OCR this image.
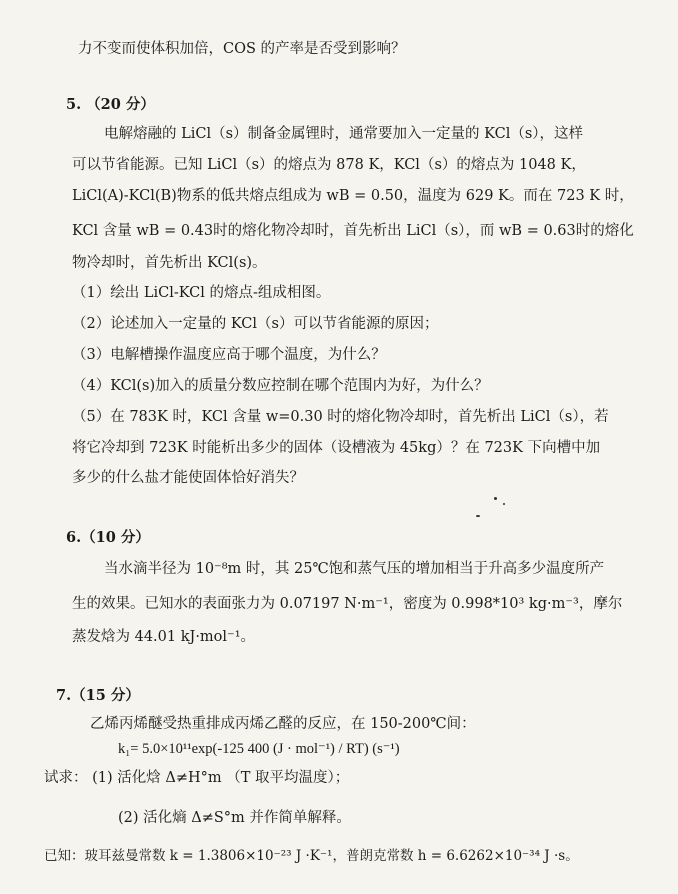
力不变而使体积加倍，COS 的产率是否受到影响？
5. （20 分）
电解熔融的 LiCl（s）制备金属锂时，通常要加入一定量的 KCl（s），这样
可以节省能源。已知 LiCl（s）的熔点为 878 K，KCl（s）的熔点为 1048 K，
LiCl(A)-KCl(B)物系的低共熔点组成为 wB = 0.50，温度为 629 K。而在 723 K 时，
KCl 含量 wB = 0.43时的熔化物冷却时，首先析出 LiCl（s），而 wB = 0.63时的熔化
物冷却时，首先析出 KCl(s)。
（1）绘出 LiCl-KCl 的熔点-组成相图。
（2）论述加入一定量的 KCl（s）可以节省能源的原因；
（3）电解槽操作温度应高于哪个温度，为什么？
（4）KCl(s)加入的质量分数应控制在哪个范围内为好，为什么？
（5）在 783K 时，KCl 含量 w=0.30 时的熔化物冷却时，首先析出 LiCl（s），若
将它冷却到 723K 时能析出多少的固体（设槽液为 45kg）？在 723K 下向槽中加
多少的什么盐才能使固体恰好消失？
6.（10 分）
当水滴半径为 10⁻⁸m 时，其 25℃饱和蒸气压的增加相当于升高多少温度所产
生的效果。已知水的表面张力为 0.07197 N·m⁻¹，密度为 0.998*10³ kg·m⁻³，摩尔
蒸发焓为 44.01 kJ·mol⁻¹。
7.（15 分）
乙烯丙烯醚受热重排成丙烯乙醛的反应，在 150-200℃间：
k₁= 5.0×10¹¹exp(-125 400 (J · mol⁻¹) / RT) (s⁻¹)
试求： (1) 活化焓 Δ≠H°m （T 取平均温度）；
(2) 活化熵 Δ≠S°m 并作简单解释。
已知：玻耳兹曼常数 k = 1.3806×10⁻²³ J ·K⁻¹，普朗克常数 h = 6.6262×10⁻³⁴ J ·s。
